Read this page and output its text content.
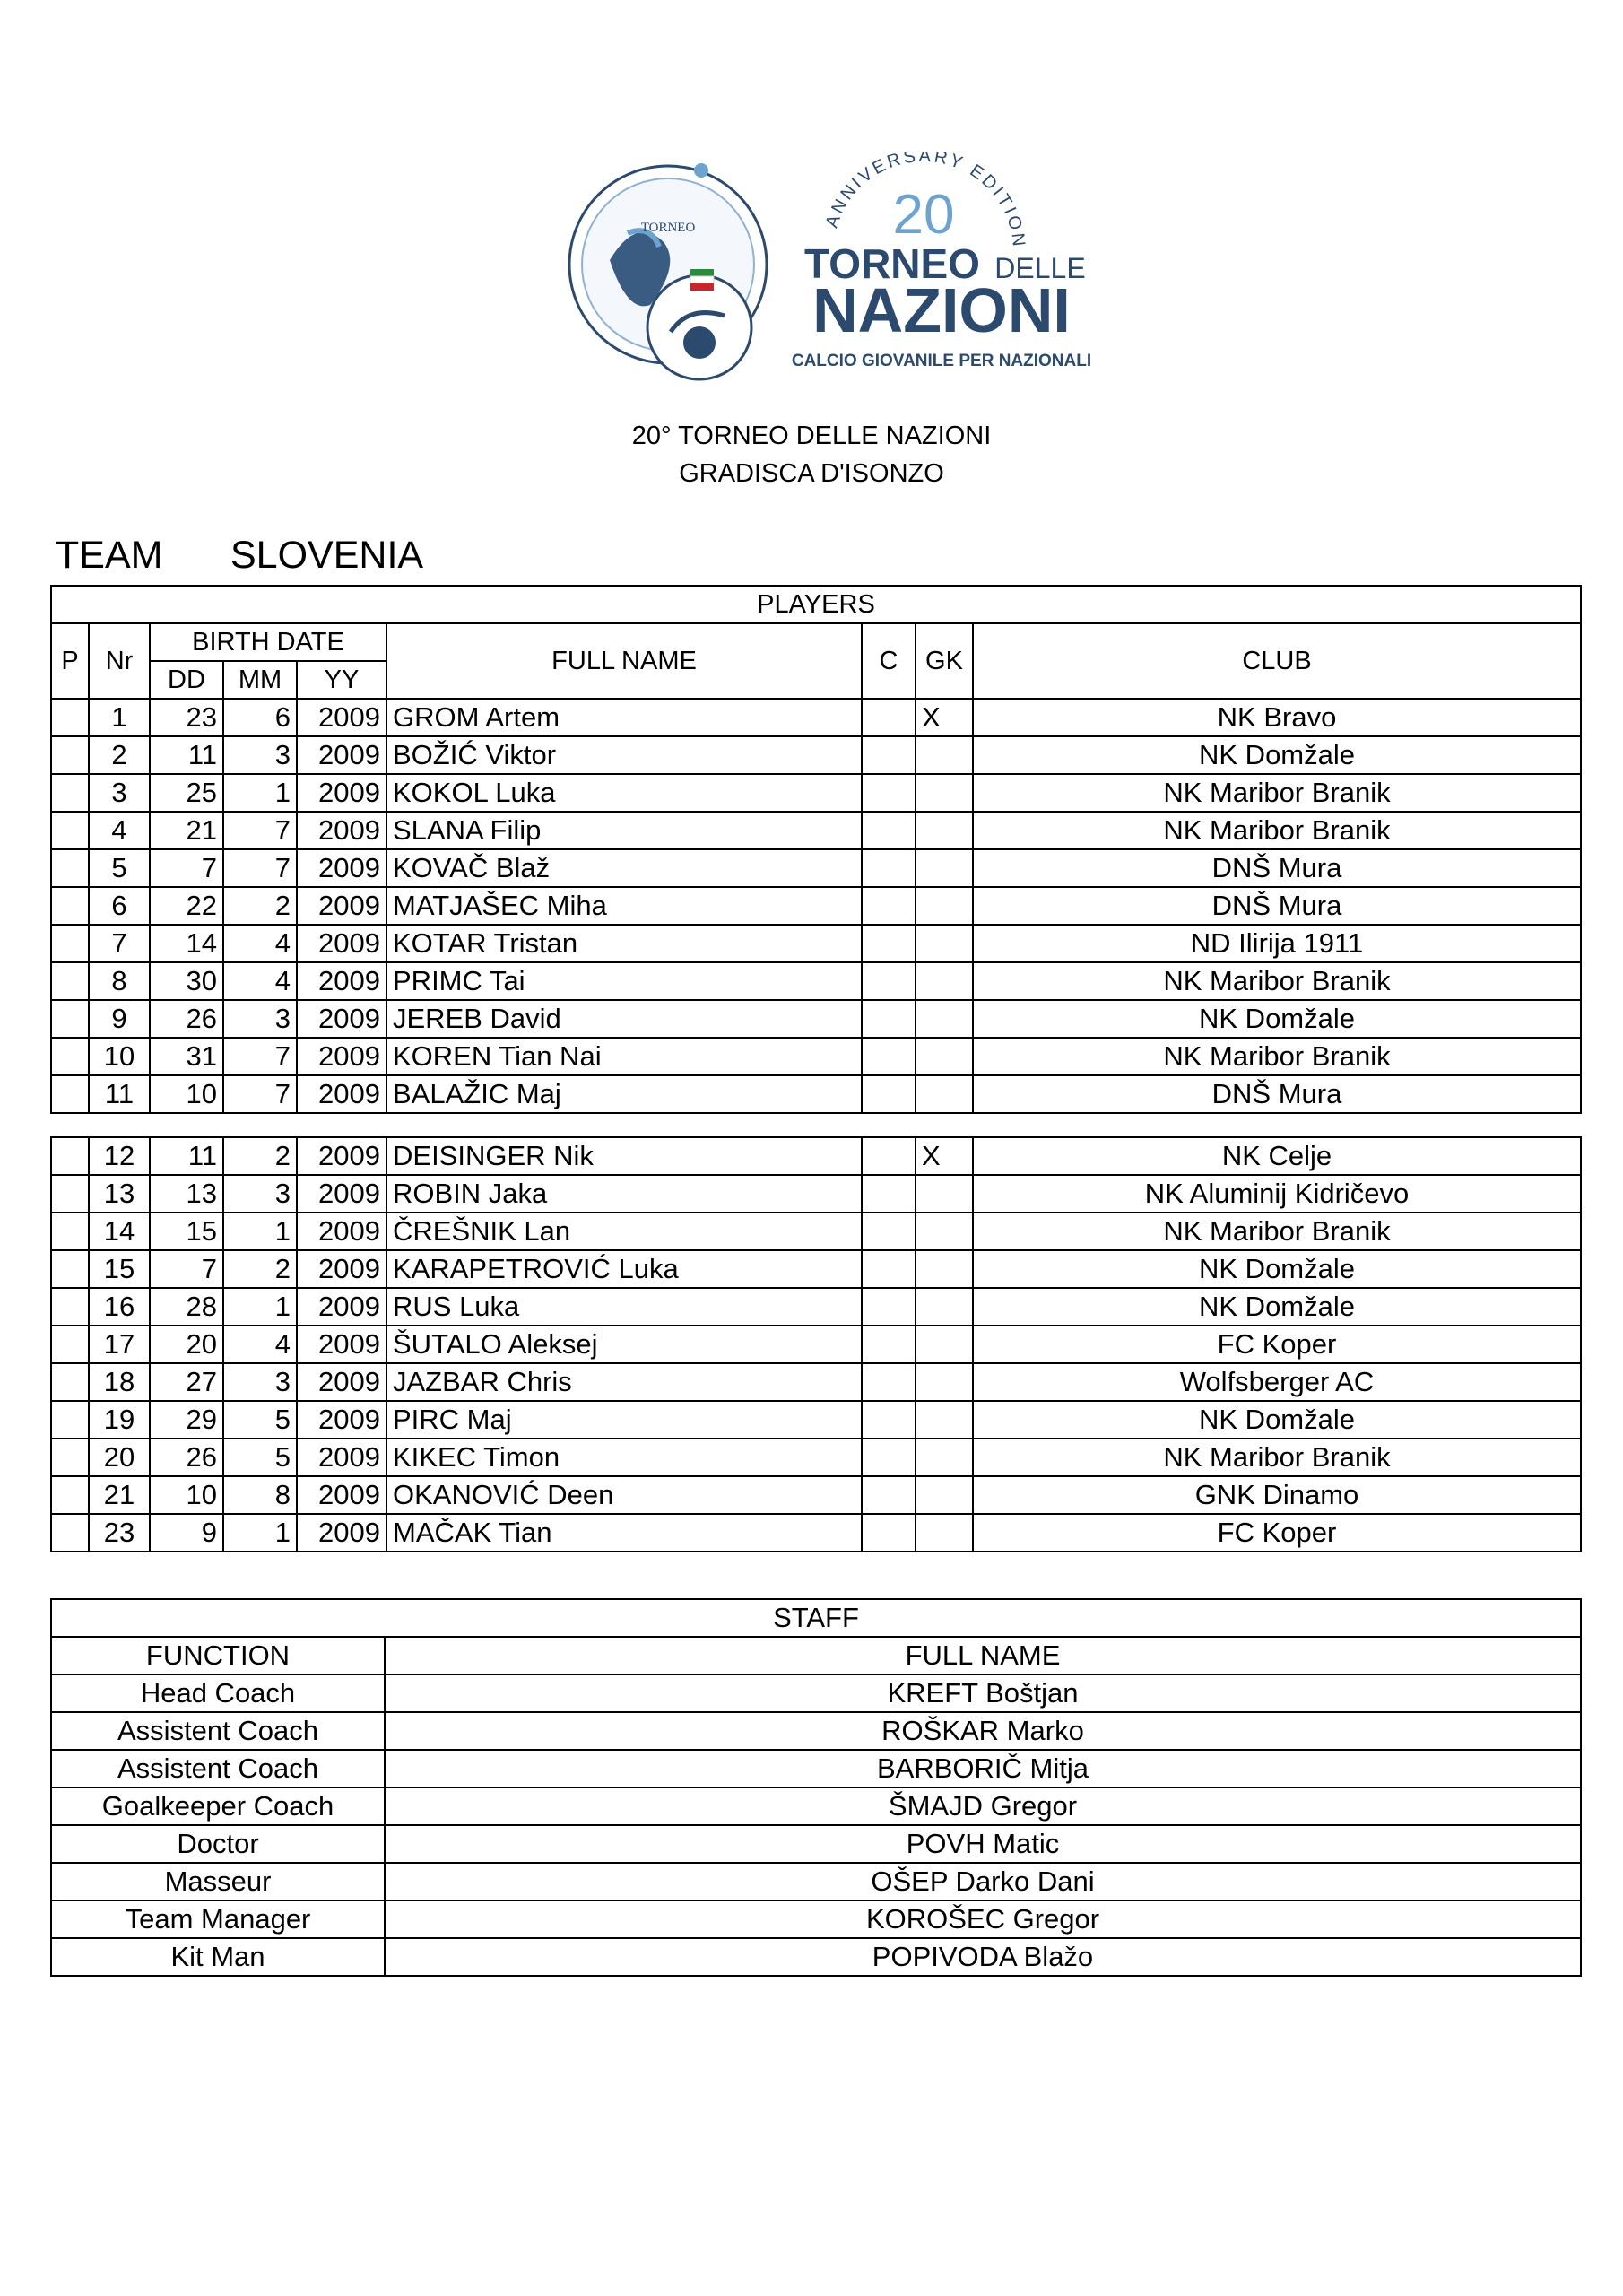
TORNEO	ANNIVERSARY EDITION
20
TORNEO DELLE
NAZIONI
CALCIO GIOVANILE PER NAZIONALI
20° TORNEO DELLE NAZIONI
GRADISCA D'ISONZO
TEAM SLOVENIA
PLAYERS								
P	Nr	BIRTH DATE			FULL NAME	C	GK	CLUB
		DD	MM	YY				
	1	23	6	2009	GROM Artem		X	NK Bravo
	2	11	3	2009	BOŽIĆ Viktor			NK Domžale
	3	25	1	2009	KOKOL Luka			NK Maribor Branik
	4	21	7	2009	SLANA Filip			NK Maribor Branik
	5	7	7	2009	KOVAČ Blaž			DNŠ Mura
	6	22	2	2009	MATJAŠEC Miha			DNŠ Mura
	7	14	4	2009	KOTAR Tristan			ND Ilirija 1911
	8	30	4	2009	PRIMC Tai			NK Maribor Branik
	9	26	3	2009	JEREB David			NK Domžale
	10	31	7	2009	KOREN Tian Nai			NK Maribor Branik
	11	10	7	2009	BALAŽIC Maj			DNŠ Mura
	12	11	2	2009	DEISINGER Nik		X	NK Celje
	13	13	3	2009	ROBIN Jaka			NK Aluminij Kidričevo
	14	15	1	2009	ČREŠNIK Lan			NK Maribor Branik
	15	7	2	2009	KARAPETROVIĆ Luka			NK Domžale
	16	28	1	2009	RUS Luka			NK Domžale
	17	20	4	2009	ŠUTALO Aleksej			FC Koper
	18	27	3	2009	JAZBAR Chris			Wolfsberger AC
	19	29	5	2009	PIRC Maj			NK Domžale
	20	26	5	2009	KIKEC Timon			NK Maribor Branik
	21	10	8	2009	OKANOVIĆ Deen			GNK Dinamo
	23	9	1	2009	MAČAK Tian			FC Koper
STAFF	
FUNCTION	FULL NAME
Head Coach	KREFT Boštjan
Assistent Coach	ROŠKAR Marko
Assistent Coach	BARBORIČ Mitja
Goalkeeper Coach	ŠMAJD Gregor
Doctor	POVH Matic
Masseur	OŠEP Darko Dani
Team Manager	KOROŠEC Gregor
Kit Man	POPIVODA Blažo
